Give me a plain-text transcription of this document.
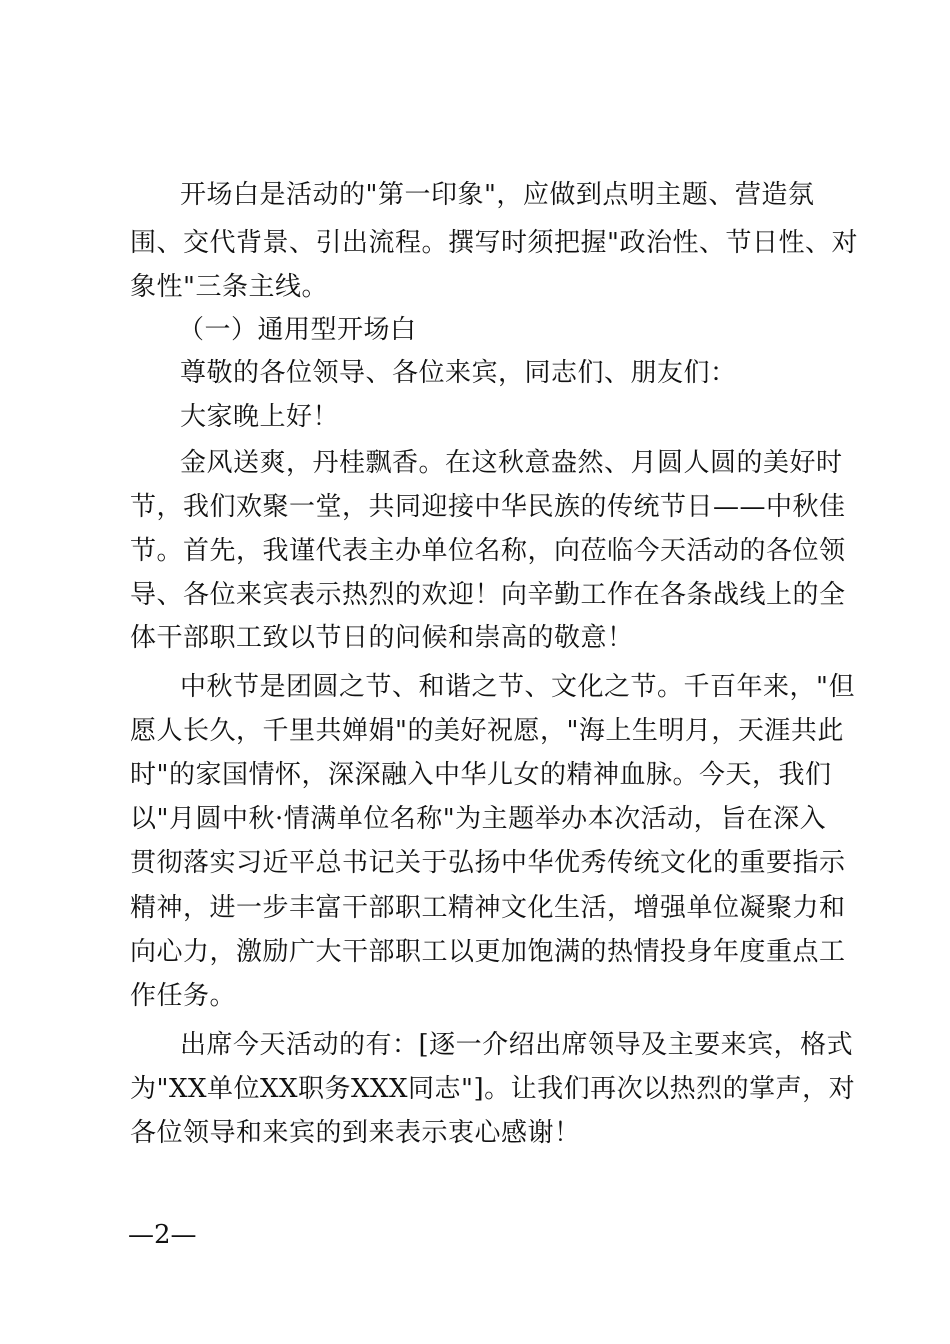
开场白是活动的"第一印象"，应做到点明主题、营造氛
围、交代背景、引出流程。撰写时须把握"政治性、节日性、对
象性"三条主线。
（一）通用型开场白
尊敬的各位领导、各位来宾，同志们、朋友们：
大家晚上好！
金风送爽，丹桂飘香。在这秋意盎然、月圆人圆的美好时
节，我们欢聚一堂，共同迎接中华民族的传统节日——中秋佳
节。首先，我谨代表主办单位名称，向莅临今天活动的各位领
导、各位来宾表示热烈的欢迎！向辛勤工作在各条战线上的全
体干部职工致以节日的问候和崇高的敬意！
中秋节是团圆之节、和谐之节、文化之节。千百年来，"但
愿人长久，千里共婵娟"的美好祝愿，"海上生明月，天涯共此
时"的家国情怀，深深融入中华儿女的精神血脉。今天，我们
以"月圆中秋·情满单位名称"为主题举办本次活动，旨在深入
贯彻落实习近平总书记关于弘扬中华优秀传统文化的重要指示
精神，进一步丰富干部职工精神文化生活，增强单位凝聚力和
向心力，激励广大干部职工以更加饱满的热情投身年度重点工
作任务。
出席今天活动的有：[逐一介绍出席领导及主要来宾，格式
为"XX单位XX职务XXX同志"]。让我们再次以热烈的掌声，对
各位领导和来宾的到来表示衷心感谢！
—2—
